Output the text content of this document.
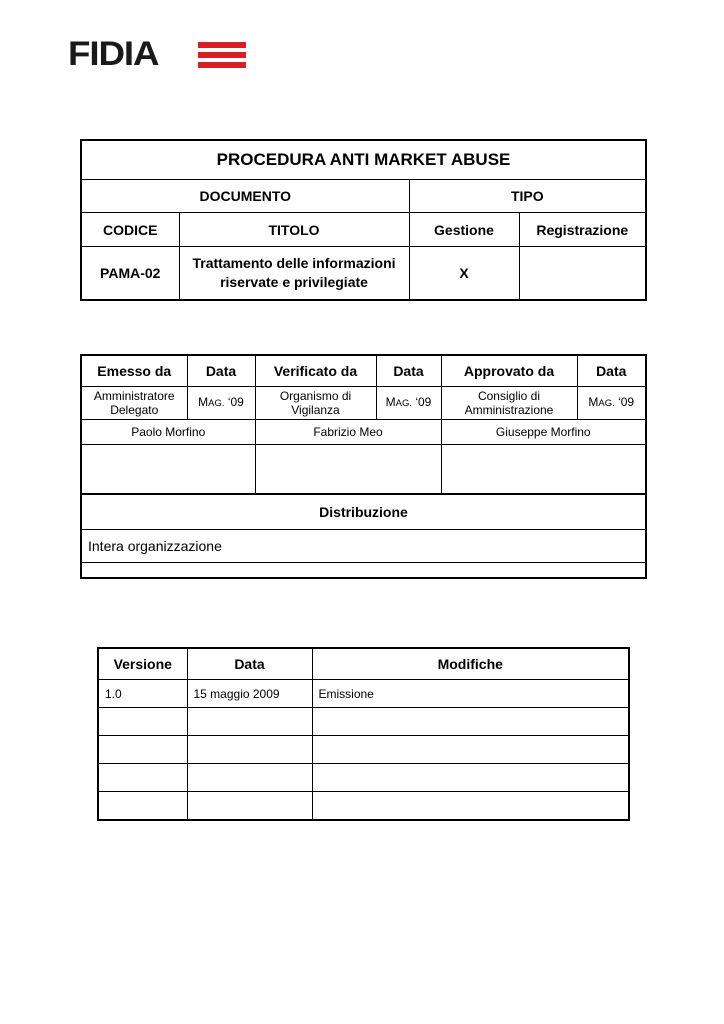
FIDIA
PROCEDURA ANTI MARKET ABUSE			
DOCUMENTO		TIPO	
CODICE	TITOLO	Gestione	Registrazione
PAMA-02	Trattamento delle informazioni riservate e privilegiate	X	
Emesso da	Data	Verificato da	Data	Approvato da	Data
Amministratore Delegato	MAG. ‘09	Organismo di Vigilanza	MAG. ‘09	Consiglio di Amministrazione	MAG. ‘09
Paolo Morfino		Fabrizio Meo		Giuseppe Morfino	

Distribuzione					
Intera organizzazione					

Versione	Data	Modifiche
1.0	15 maggio 2009	Emissione
